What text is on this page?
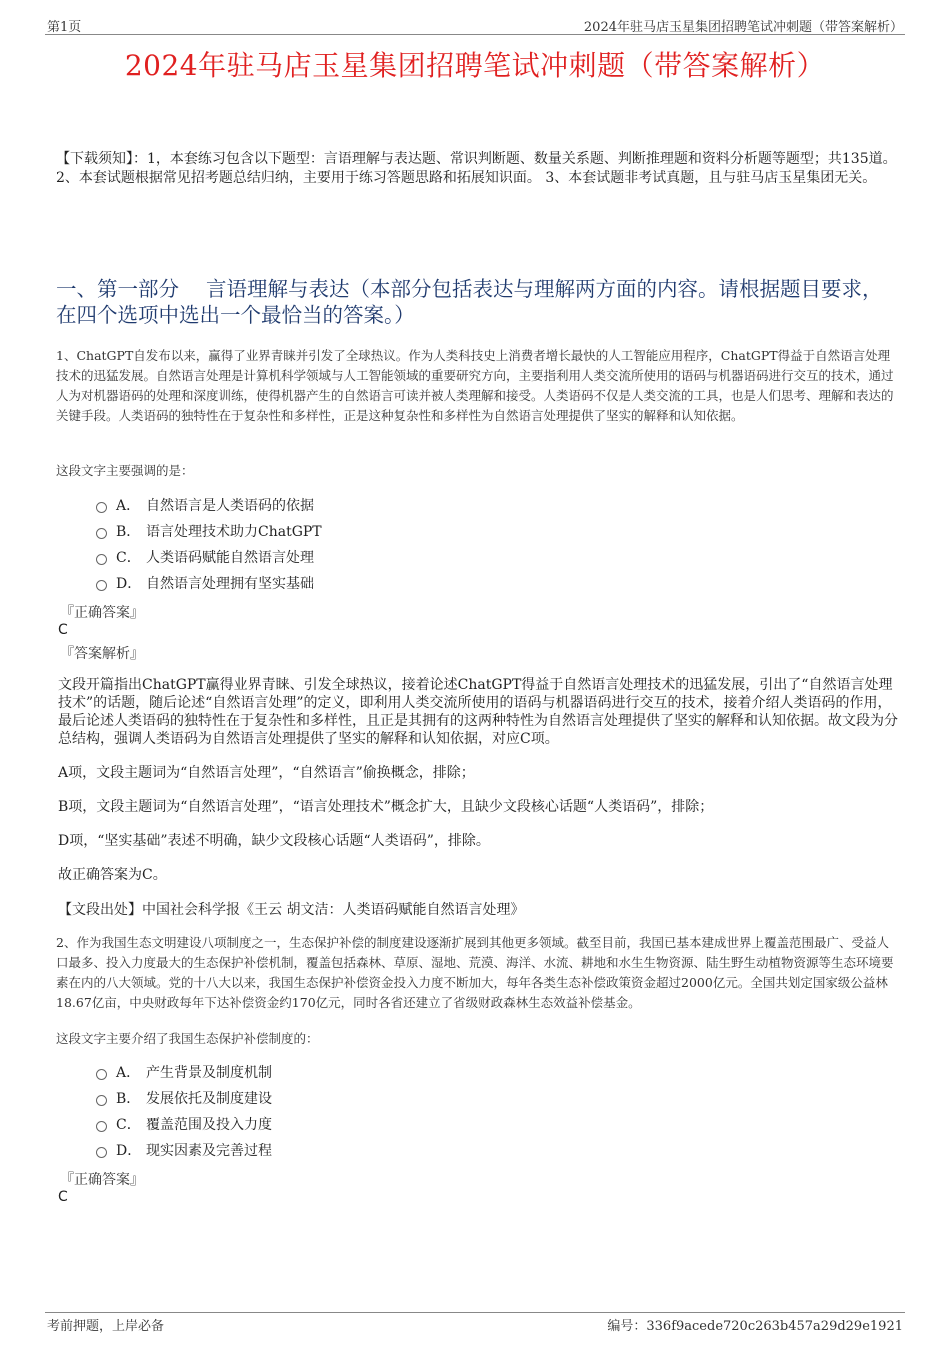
第1页	2024年驻马店玉星集团招聘笔试冲刺题（带答案解析）
2024年驻马店玉星集团招聘笔试冲刺题（带答案解析）
【下载须知】：1，本套练习包含以下题型：言语理解与表达题、常识判断题、数量关系题、判断推理题和资料分析题等题型；共135道。 2、本套试题根据常见招考题总结归纳，主要用于练习答题思路和拓展知识面。 3、本套试题非考试真题，且与驻马店玉星集团无关。
一、第一部分　 言语理解与表达（本部分包括表达与理解两方面的内容。请根据题目要求，在四个选项中选出一个最恰当的答案。）
1、ChatGPT自发布以来，赢得了业界青睐并引发了全球热议。作为人类科技史上消费者增长最快的人工智能应用程序，ChatGPT得益于自然语言处理技术的迅猛发展。自然语言处理是计算机科学领域与人工智能领域的重要研究方向，主要指利用人类交流所使用的语码与机器语码进行交互的技术，通过人为对机器语码的处理和深度训练，使得机器产生的自然语言可读并被人类理解和接受。人类语码不仅是人类交流的工具，也是人们思考、理解和表达的关键手段。人类语码的独特性在于复杂性和多样性，正是这种复杂性和多样性为自然语言处理提供了坚实的解释和认知依据。
这段文字主要强调的是：
A． 自然语言是人类语码的依据
B． 语言处理技术助力ChatGPT
C． 人类语码赋能自然语言处理
D． 自然语言处理拥有坚实基础
『正确答案』
C
『答案解析』

文段开篇指出ChatGPT赢得业界青睐、引发全球热议，接着论述ChatGPT得益于自然语言处理技术的迅猛发展，引出了“自然语言处理技术”的话题，随后论述“自然语言处理”的定义，即利用人类交流所使用的语码与机器语码进行交互的技术，接着介绍人类语码的作用，最后论述人类语码的独特性在于复杂性和多样性，且正是其拥有的这两种特性为自然语言处理提供了坚实的解释和认知依据。故文段为分总结构，强调人类语码为自然语言处理提供了坚实的解释和认知依据，对应C项。

A项，文段主题词为“自然语言处理”，“自然语言”偷换概念，排除；

B项，文段主题词为“自然语言处理”，“语言处理技术”概念扩大，且缺少文段核心话题“人类语码”，排除；

D项，“坚实基础”表述不明确，缺少文段核心话题“人类语码”，排除。

故正确答案为C。

【文段出处】中国社会科学报《王云 胡文洁：人类语码赋能自然语言处理》
2、作为我国生态文明建设八项制度之一，生态保护补偿的制度建设逐渐扩展到其他更多领域。截至目前，我国已基本建成世界上覆盖范围最广、受益人口最多、投入力度最大的生态保护补偿机制，覆盖包括森林、草原、湿地、荒漠、海洋、水流、耕地和水生生物资源、陆生野生动植物资源等生态环境要素在内的八大领域。党的十八大以来，我国生态保护补偿资金投入力度不断加大，每年各类生态补偿政策资金超过2000亿元。全国共划定国家级公益林18.67亿亩，中央财政每年下达补偿资金约170亿元，同时各省还建立了省级财政森林生态效益补偿基金。
这段文字主要介绍了我国生态保护补偿制度的：
A． 产生背景及制度机制
B． 发展依托及制度建设
C． 覆盖范围及投入力度
D． 现实因素及完善过程
『正确答案』
C
考前押题，上岸必备	编号：336f9acede720c263b457a29d29e1921
